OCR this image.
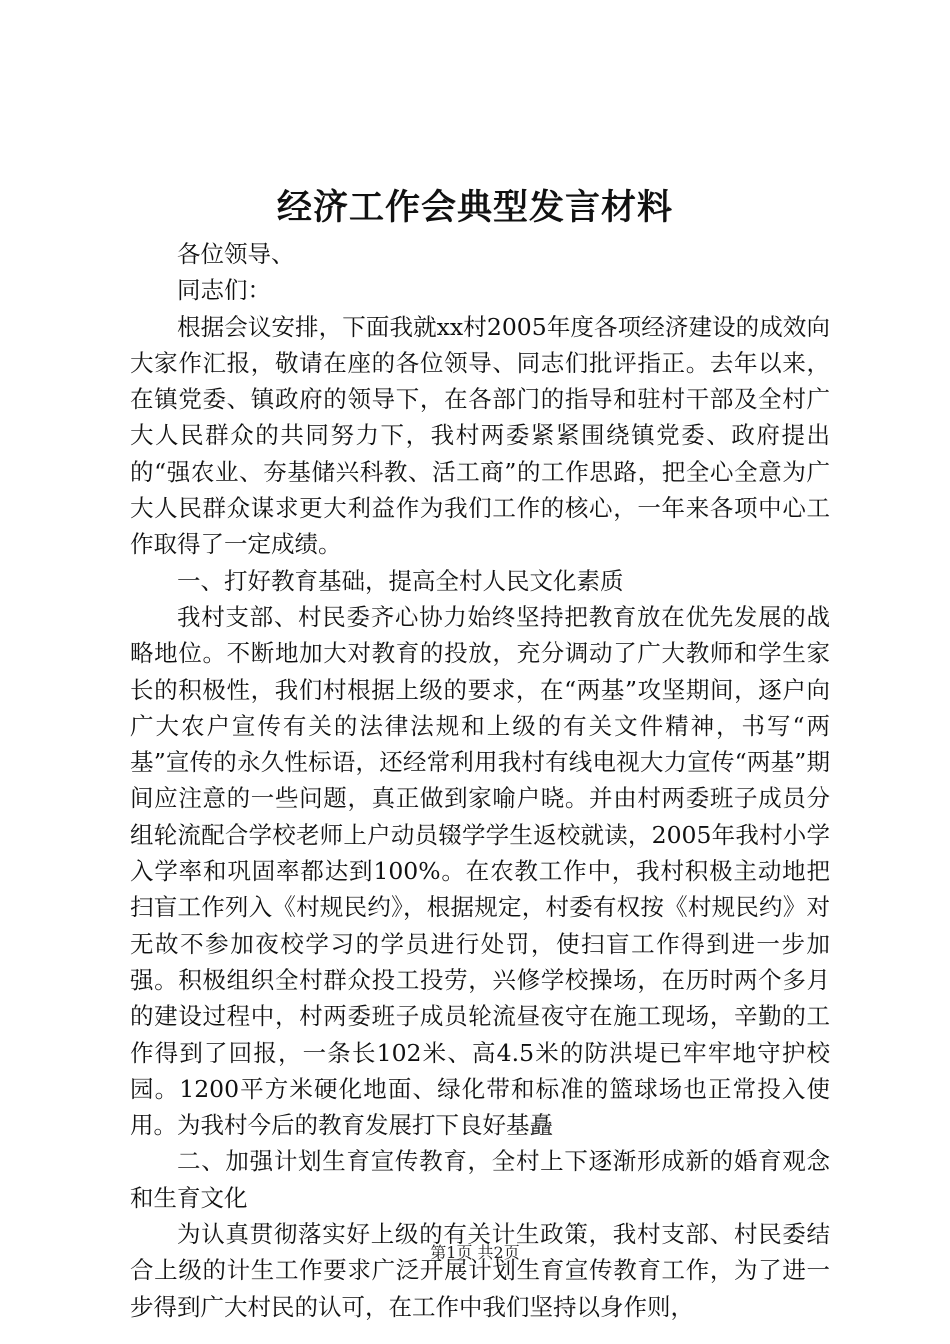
经济工作会典型发言材料

各位领导、

同志们：

根据会议安排，下面我就xx村2005年度各项经济建设的成效向大家作汇报，敬请在座的各位领导、同志们批评指正。去年以来，在镇党委、镇政府的领导下，在各部门的指导和驻村干部及全村广大人民群众的共同努力下，我村两委紧紧围绕镇党委、政府提出的“强农业、夯基储兴科教、活工商”的工作思路，把全心全意为广大人民群众谋求更大利益作为我们工作的核心，一年来各项中心工作取得了一定成绩。

一、打好教育基础，提高全村人民文化素质

我村支部、村民委齐心协力始终坚持把教育放在优先发展的战略地位。不断地加大对教育的投放，充分调动了广大教师和学生家长的积极性，我们村根据上级的要求，在“两基”攻坚期间，逐户向广大农户宣传有关的法律法规和上级的有关文件精神，书写“两基”宣传的永久性标语，还经常利用我村有线电视大力宣传“两基”期间应注意的一些问题，真正做到家喻户晓。并由村两委班子成员分组轮流配合学校老师上户动员辍学学生返校就读，2005年我村小学入学率和巩固率都达到100%。在农教工作中，我村积极主动地把扫盲工作列入《村规民约》，根据规定，村委有权按《村规民约》对无故不参加夜校学习的学员进行处罚，使扫盲工作得到进一步加强。积极组织全村群众投工投劳，兴修学校操场，在历时两个多月的建设过程中，村两委班子成员轮流昼夜守在施工现场，辛勤的工作得到了回报，一条长102米、高4.5米的防洪堤已牢牢地守护校园。1200平方米硬化地面、绿化带和标准的篮球场也正常投入使用。为我村今后的教育发展打下良好基矗

二、加强计划生育宣传教育，全村上下逐渐形成新的婚育观念和生育文化

为认真贯彻落实好上级的有关计生政策，我村支部、村民委结合上级的计生工作要求广泛开展计划生育宣传教育工作，为了进一步得到广大村民的认可，在工作中我们坚持以身作则，

第1页 共2页
